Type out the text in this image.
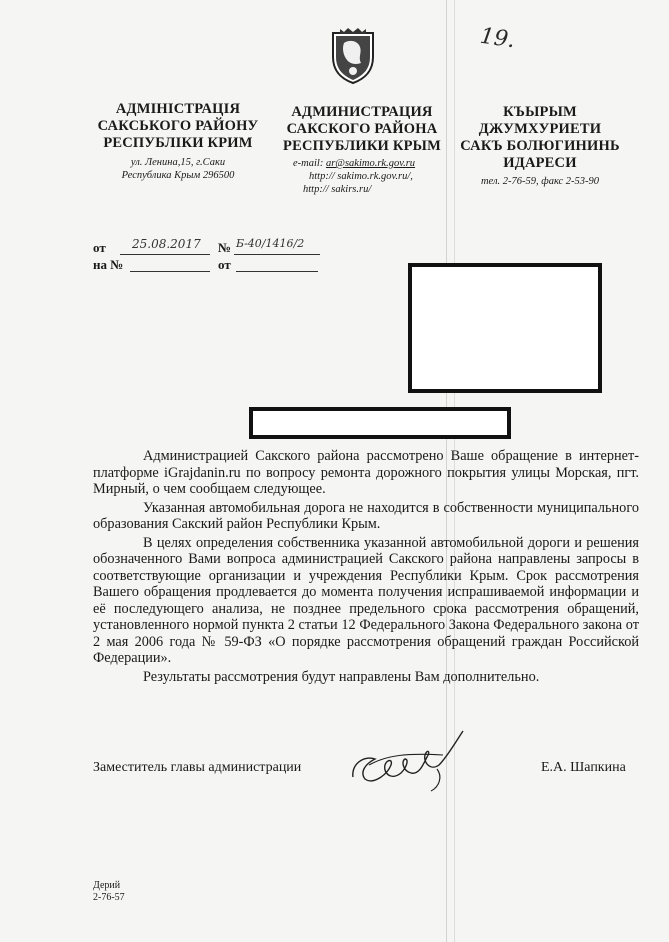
19.
АДМІНІСТРАЦІЯ
САКСЬКОГО РАЙОНУ
РЕСПУБЛІКИ КРИМ
ул. Ленина,15, г.Саки
Республика Крым 296500
АДМИНИСТРАЦИЯ
САКСКОГО РАЙОНА
РЕСПУБЛИКИ КРЫМ
e-mail: ar@sakimo.rk.gov.ru
http:// sakimo.rk.gov.ru/,
http:// sakirs.ru/
КЪЫРЫМ ДЖУМХУРИЕТИ
САКЪ БОЛЮГИНИНЬ
ИДАРЕСИ
тел. 2-76-59, факс 2-53-90
от 25.08.2017 № Б-40/1416/2
на №	от

Администрацией Сакского района рассмотрено Ваше обращение в интернет-платформе iGrajdanin.ru по вопросу ремонта дорожного покрытия улицы Морская, пгт. Мирный, о чем сообщаем следующее.

Указанная автомобильная дорога не находится в собственности муниципального образования Сакский район Республики Крым.

В целях определения собственника указанной автомобильной дороги и решения обозначенного Вами вопроса администрацией Сакского района направлены запросы в соответствующие организации и учреждения Республики Крым. Срок рассмотрения Вашего обращения продлевается до момента получения испрашиваемой информации и её последующего анализа, не позднее предельного срока рассмотрения обращений, установленного нормой пункта 2 статьи 12 Федерального Закона Федерального закона от 2 мая 2006 года № 59-ФЗ «О порядке рассмотрения обращений граждан Российской Федерации».

Результаты рассмотрения будут направлены Вам дополнительно.

Заместитель главы администрации	Е.А. Шапкина
Дерий
2-76-57
